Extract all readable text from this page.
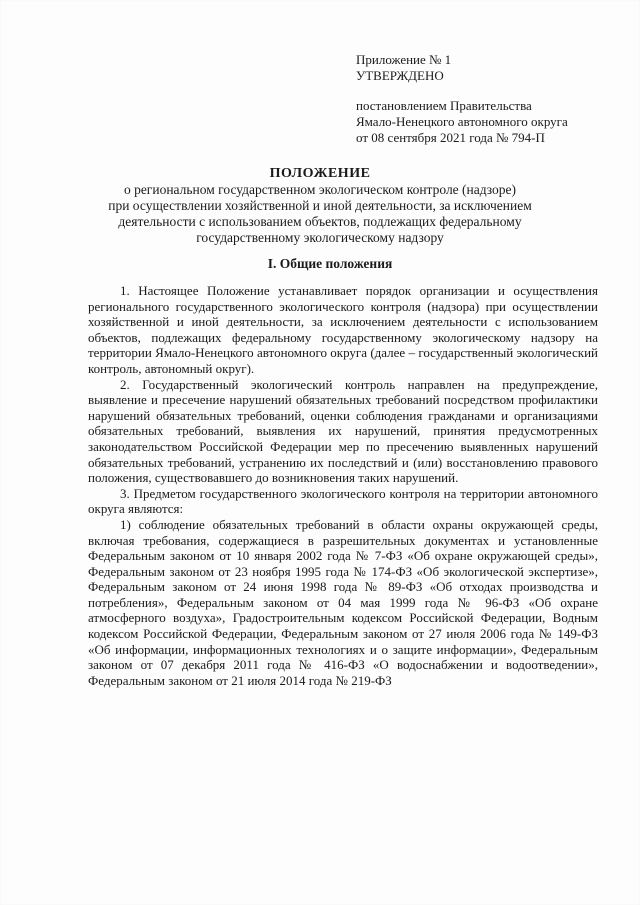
Приложение № 1
УТВЕРЖДЕНО
постановлением Правительства
Ямало-Ненецкого автономного округа
от 08 сентября 2021 года № 794-П
ПОЛОЖЕНИЕ
о региональном государственном экологическом контроле (надзоре)
при осуществлении хозяйственной и иной деятельности, за исключением
деятельности с использованием объектов, подлежащих федеральному
государственному экологическому надзору
I. Общие положения

1. Настоящее Положение устанавливает порядок организации и осуществления регионального государственного экологического контроля (надзора) при осуществлении хозяйственной и иной деятельности, за исключением деятельности с использованием объектов, подлежащих федеральному государственному экологическому надзору на территории Ямало-Ненецкого автономного округа (далее – государственный экологический контроль, автономный округ).

2. Государственный экологический контроль направлен на предупреждение, выявление и пресечение нарушений обязательных требований посредством профилактики нарушений обязательных требований, оценки соблюдения гражданами и организациями обязательных требований, выявления их нарушений, принятия предусмотренных законодательством Российской Федерации мер по пресечению выявленных нарушений обязательных требований, устранению их последствий и (или) восстановлению правового положения, существовавшего до возникновения таких нарушений.

3. Предметом государственного экологического контроля на территории автономного округа являются:

1) соблюдение обязательных требований в области охраны окружающей среды, включая требования, содержащиеся в разрешительных документах и установленные Федеральным законом от 10 января 2002 года № 7-ФЗ «Об охране окружающей среды», Федеральным законом от 23 ноября 1995 года № 174-ФЗ «Об экологической экспертизе», Федеральным законом от 24 июня 1998 года № 89-ФЗ «Об отходах производства и потребления», Федеральным законом от 04 мая 1999 года № 96-ФЗ «Об охране атмосферного воздуха», Градостроительным кодексом Российской Федерации, Водным кодексом Российской Федерации, Федеральным законом от 27 июля 2006 года № 149-ФЗ «Об информации, информационных технологиях и о защите информации», Федеральным законом от 07 декабря 2011 года № 416-ФЗ «О водоснабжении и водоотведении», Федеральным законом от 21 июля 2014 года № 219-ФЗ
